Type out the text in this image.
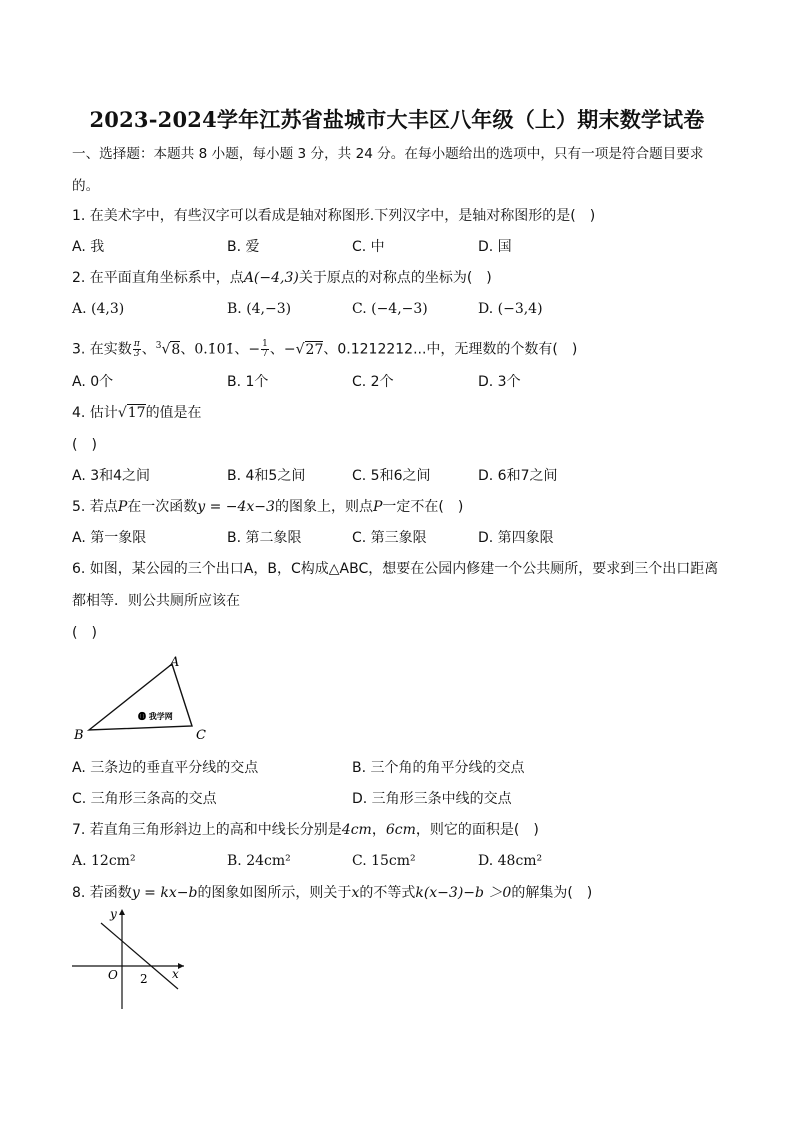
2023-2024学年江苏省盐城市大丰区八年级（上）期末数学试卷
一、选择题：本题共 8 小题，每小题 3 分，共 24 分。在每小题给出的选项中，只有一项是符合题目要求
的。
1. 在美术字中，有些汉字可以看成是轴对称图形.下列汉字中，是轴对称图形的是(　)
A. 我	B. 爱	C. 中	D. 国
2. 在平面直角坐标系中，点A(−4,3)关于原点的对称点的坐标为(　)
A. (4,3)	B. (4,−3)	C. (−4,−3)	D. (−3,4)
3. 在实数 $\frac{\pi}{3}$ 、$^3$√8、0.1̇01̇、− $\frac{1}{7}$ 、−√27、0.1212212...中，无理数的个数有(　)
A. 0个	B. 1个	C. 2个	D. 3个
4. 估计√17的值是在
(　)
A. 3和4之间	B. 4和5之间	C. 5和6之间	D. 6和7之间
5. 若点P在一次函数y = −4x−3的图象上，则点P一定不在(　)
A. 第一象限	B. 第二象限	C. 第三象限	D. 第四象限
6. 如图，某公园的三个出口A，B，C构成△ABC，想要在公园内修建一个公共厕所，要求到三个出口距离
都相等．则公共厕所应该在
(　)
A
B	C
⓫ 我学网
A. 三条边的垂直平分线的交点	B. 三个角的角平分线的交点
C. 三角形三条高的交点	D. 三角形三条中线的交点
7. 若直角三角形斜边上的高和中线长分别是4cm，6cm，则它的面积是(　)
A. 12cm²	B. 24cm²	C. 15cm²	D. 48cm²
8. 若函数y = kx−b的图象如图所示，则关于x的不等式k(x−3)−b ＞0的解集为(　)
y
x
O 2
